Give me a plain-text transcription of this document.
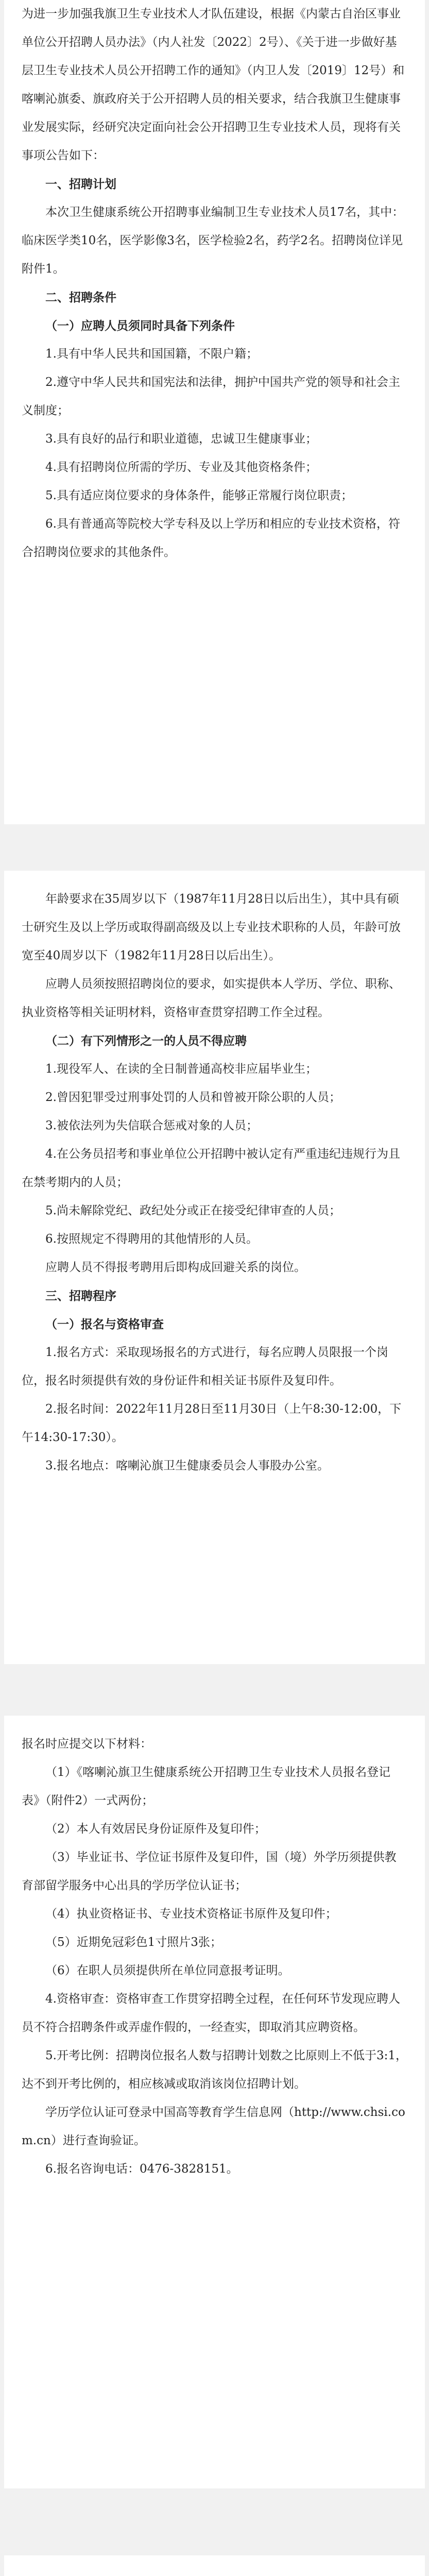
为进一步加强我旗卫生专业技术人才队伍建设，根据《内蒙古自治区事业单位公开招聘人员办法》（内人社发〔2022〕2号）、《关于进一步做好基层卫生专业技术人员公开招聘工作的通知》（内卫人发〔2019〕12号）和喀喇沁旗委、旗政府关于公开招聘人员的相关要求，结合我旗卫生健康事业发展实际，经研究决定面向社会公开招聘卫生专业技术人员，现将有关事项公告如下：

一、招聘计划

本次卫生健康系统公开招聘事业编制卫生专业技术人员17名，其中：临床医学类10名，医学影像3名，医学检验2名，药学2名。招聘岗位详见附件1。

二、招聘条件

（一）应聘人员须同时具备下列条件

1.具有中华人民共和国国籍，不限户籍；

2.遵守中华人民共和国宪法和法律，拥护中国共产党的领导和社会主义制度；

3.具有良好的品行和职业道德，忠诚卫生健康事业；

4.具有招聘岗位所需的学历、专业及其他资格条件；

5.具有适应岗位要求的身体条件，能够正常履行岗位职责；

6.具有普通高等院校大学专科及以上学历和相应的专业技术资格，符合招聘岗位要求的其他条件。

年龄要求在35周岁以下（1987年11月28日以后出生），其中具有硕士研究生及以上学历或取得副高级及以上专业技术职称的人员，年龄可放宽至40周岁以下（1982年11月28日以后出生）。

应聘人员须按照招聘岗位的要求，如实提供本人学历、学位、职称、执业资格等相关证明材料，资格审查贯穿招聘工作全过程。

（二）有下列情形之一的人员不得应聘

1.现役军人、在读的全日制普通高校非应届毕业生；

2.曾因犯罪受过刑事处罚的人员和曾被开除公职的人员；

3.被依法列为失信联合惩戒对象的人员；

4.在公务员招考和事业单位公开招聘中被认定有严重违纪违规行为且在禁考期内的人员；

5.尚未解除党纪、政纪处分或正在接受纪律审查的人员；

6.按照规定不得聘用的其他情形的人员。

应聘人员不得报考聘用后即构成回避关系的岗位。

三、招聘程序

（一）报名与资格审查

1.报名方式：采取现场报名的方式进行，每名应聘人员限报一个岗位，报名时须提供有效的身份证件和相关证书原件及复印件。

2.报名时间：2022年11月28日至11月30日（上午8:30-12:00，下午14:30-17:30）。

3.报名地点：喀喇沁旗卫生健康委员会人事股办公室。

报名时应提交以下材料：

（1）《喀喇沁旗卫生健康系统公开招聘卫生专业技术人员报名登记表》（附件2）一式两份；

（2）本人有效居民身份证原件及复印件；

（3）毕业证书、学位证书原件及复印件，国（境）外学历须提供教育部留学服务中心出具的学历学位认证书；

（4）执业资格证书、专业技术资格证书原件及复印件；

（5）近期免冠彩色1寸照片3张；

（6）在职人员须提供所在单位同意报考证明。

4.资格审查：资格审查工作贯穿招聘全过程，在任何环节发现应聘人员不符合招聘条件或弄虚作假的，一经查实，即取消其应聘资格。

5.开考比例：招聘岗位报名人数与招聘计划数之比原则上不低于3:1，达不到开考比例的，相应核减或取消该岗位招聘计划。

学历学位认证可登录中国高等教育学生信息网（http://www.chsi.com.cn）进行查询验证。

6.报名咨询电话：0476-3828151。
